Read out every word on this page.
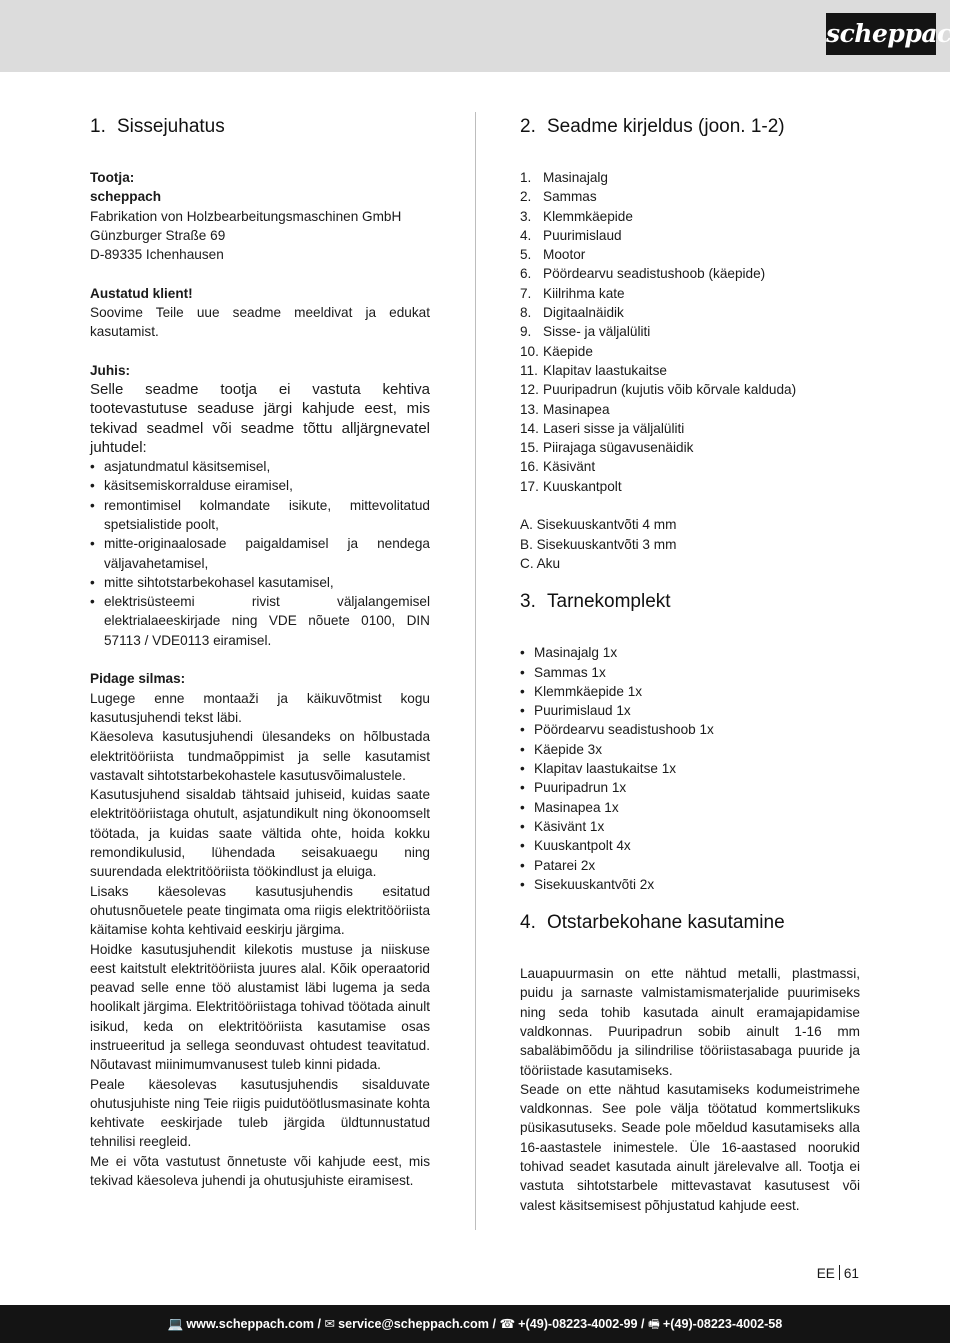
scheppach
1. Sissejuhatus

Tootja:

scheppach

Fabrikation von Holzbearbeitungsmaschinen GmbH

Günzburger Straße 69

D-89335 Ichenhausen

Austatud klient!

Soovime Teile uue seadme meeldivat ja edukat kasutamist.

Juhis:

Selle seadme tootja ei vastuta kehtiva tootevastutuse seaduse järgi kahjude eest, mis tekivad seadmel või seadme tõttu alljärgnevatel juhtudel:

• asjatundmatul käsitsemisel,
• käsitsemiskorralduse eiramisel,
• remontimisel kolmandate isikute, mittevolitatud spetsialistide poolt,
• mitte-originaalosade paigaldamisel ja nendega väljavahetamisel,
• mitte sihtotstarbekohasel kasutamisel,
• elektrisüsteemi rivist väljalangemisel elektrialaeeskirjade ning VDE nõuete 0100, DIN 57113 / VDE0113 eiramisel.

Pidage silmas:

Lugege enne montaaži ja käikuvõtmist kogu kasutusjuhendi tekst läbi.

Käesoleva kasutusjuhendi ülesandeks on hõlbustada elektritööriista tundmaõppimist ja selle kasutamist vastavalt sihtotstarbekohastele kasutusvõimalustele.

Kasutusjuhend sisaldab tähtsaid juhiseid, kuidas saate elektritööriistaga ohutult, asjatundikult ning ökonoomselt töötada, ja kuidas saate vältida ohte, hoida kokku remondikulusid, lühendada seisakuaegu ning suurendada elektritööriista töökindlust ja eluiga.

Lisaks käesolevas kasutusjuhendis esitatud ohutusnõuetele peate tingimata oma riigis elektritööriista käitamise kohta kehtivaid eeskirju järgima.

Hoidke kasutusjuhendit kilekotis mustuse ja niiskuse eest kaitstult elektritööriista juures alal. Kõik operaatorid peavad selle enne töö alustamist läbi lugema ja seda hoolikalt järgima. Elektritööriistaga tohivad töötada ainult isikud, keda on elektritööriista kasutamise osas instrueeritud ja sellega seonduvast ohtudest teavitatud. Nõutavast miinimumvanusest tuleb kinni pidada.

Peale käesolevas kasutusjuhendis sisalduvate ohutusjuhiste ning Teie riigis puidutöötlusmasinate kohta kehtivate eeskirjade tuleb järgida üldtunnustatud tehnilisi reegleid.

Me ei võta vastutust õnnetuste või kahjude eest, mis tekivad käesoleva juhendi ja ohutusjuhiste eiramisest.

2. Seadme kirjeldus (joon. 1-2)
1. Masinajalg
2. Sammas
3. Klemmkäepide
4. Puurimislaud
5. Mootor
6. Pöördearvu seadistushoob (käepide)
7. Kiilrihma kate
8. Digitaalnäidik
9. Sisse- ja väljalüliti
10. Käepide
11. Klapitav laastukaitse
12. Puuripadrun (kujutis võib kõrvale kalduda)
13. Masinapea
14. Laseri sisse ja väljalüliti
15. Piirajaga sügavusenäidik
16. Käsivänt
17. Kuuskantpolt

A. Sisekuuskantvõti 4 mm

B. Sisekuuskantvõti 3 mm

C. Aku

3. Tarnekomplekt
• Masinajalg 1x
• Sammas 1x
• Klemmkäepide 1x
• Puurimislaud 1x
• Pöördearvu seadistushoob 1x
• Käepide 3x
• Klapitav laastukaitse 1x
• Puuripadrun 1x
• Masinapea 1x
• Käsivänt 1x
• Kuuskantpolt 4x
• Patarei 2x
• Sisekuuskantvõti 2x
4. Otstarbekohane kasutamine

Lauapuurmasin on ette nähtud metalli, plastmassi, puidu ja sarnaste valmistamismaterjalide puurimiseks ning seda tohib kasutada ainult eramajapidamise valdkonnas. Puuripadrun sobib ainult 1-16 mm sabaläbimõõdu ja silindrilise tööriistasabaga puuride ja tööriistade kasutamiseks.

Seade on ette nähtud kasutamiseks kodumeistrimehe valdkonnas. See pole välja töötatud kommertslikuks püsikasutuseks. Seade pole mõeldud kasutamiseks alla 16-aastastele inimestele. Üle 16-aastased noorukid tohivad seadet kasutada ainult järelevalve all. Tootja ei vastuta sihtotstarbele mittevastavat kasutusest või valest käsitsemisest põhjustatud kahjude eest.

EE 61
💻 www.scheppach.com / ✉ service@scheppach.com / ☎ +(49)-08223-4002-99 / 🖷 +(49)-08223-4002-58
